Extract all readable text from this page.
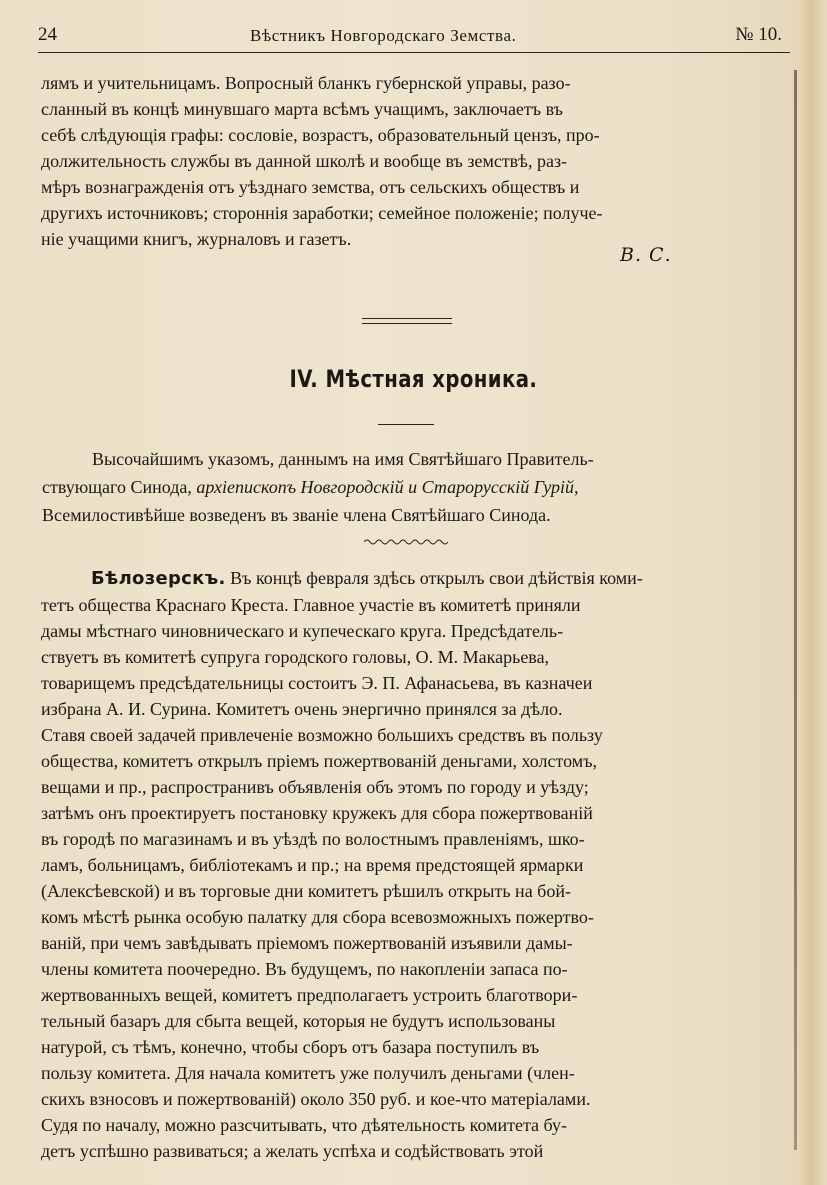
24	Вѣстникъ Новгородскаго Земства.	№ 10.
лямъ и учительницамъ. Вопросный бланкъ губернской управы, разо-
сланный въ концѣ минувшаго марта всѣмъ учащимъ, заключаетъ въ
себѣ слѣдующія графы: сословіе, возрастъ, образовательный цензъ, про-
должительность службы въ данной школѣ и вообще въ земствѣ, раз-
мѣръ вознагражденія отъ уѣзднаго земства, отъ сельскихъ обществъ и
другихъ источниковъ; стороннія заработки; семейное положеніе; получе-
ніе учащими книгъ, журналовъ и газетъ.
В. С.
IV. Мѣстная хроника.
Высочайшимъ указомъ, даннымъ на имя Святѣйшаго Правитель-
ствующаго Синода, архіепископъ Новгородскій и Старорусскій Гурій,
Всемилостивѣйше возведенъ въ званіе члена Святѣйшаго Синода.
Бѣлозерскъ. Въ концѣ февраля здѣсь открылъ свои дѣйствія коми-
тетъ общества Краснаго Креста. Главное участіе въ комитетѣ приняли
дамы мѣстнаго чиновническаго и купеческаго круга. Предсѣдатель-
ствуетъ въ комитетѣ супруга городского головы, О. М. Макарьева,
товарищемъ предсѣдательницы состоитъ Э. П. Афанасьева, въ казначеи
избрана А. И. Сурина. Комитетъ очень энергично принялся за дѣло.
Ставя своей задачей привлеченіе возможно большихъ средствъ въ пользу
общества, комитетъ открылъ пріемъ пожертвованій деньгами, холстомъ,
вещами и пр., распространивъ объявленія объ этомъ по городу и уѣзду;
затѣмъ онъ проектируетъ постановку кружекъ для сбора пожертвованій
въ городѣ по магазинамъ и въ уѣздѣ по волостнымъ правленіямъ, шко-
ламъ, больницамъ, библіотекамъ и пр.; на время предстоящей ярмарки
(Алексѣевской) и въ торговые дни комитетъ рѣшилъ открыть на бой-
комъ мѣстѣ рынка особую палатку для сбора всевозможныхъ пожертво-
ваній, при чемъ завѣдывать пріемомъ пожертвованій изъявили дамы-
члены комитета поочередно. Въ будущемъ, по накопленіи запаса по-
жертвованныхъ вещей, комитетъ предполагаетъ устроить благотвори-
тельный базаръ для сбыта вещей, которыя не будутъ использованы
натурой, съ тѣмъ, конечно, чтобы сборъ отъ базара поступилъ въ
пользу комитета. Для начала комитетъ уже получилъ деньгами (член-
скихъ взносовъ и пожертвованій) около 350 руб. и кое-что матеріалами.
Судя по началу, можно разсчитывать, что дѣятельность комитета бу-
детъ успѣшно развиваться; а желать успѣха и содѣйствовать этой
